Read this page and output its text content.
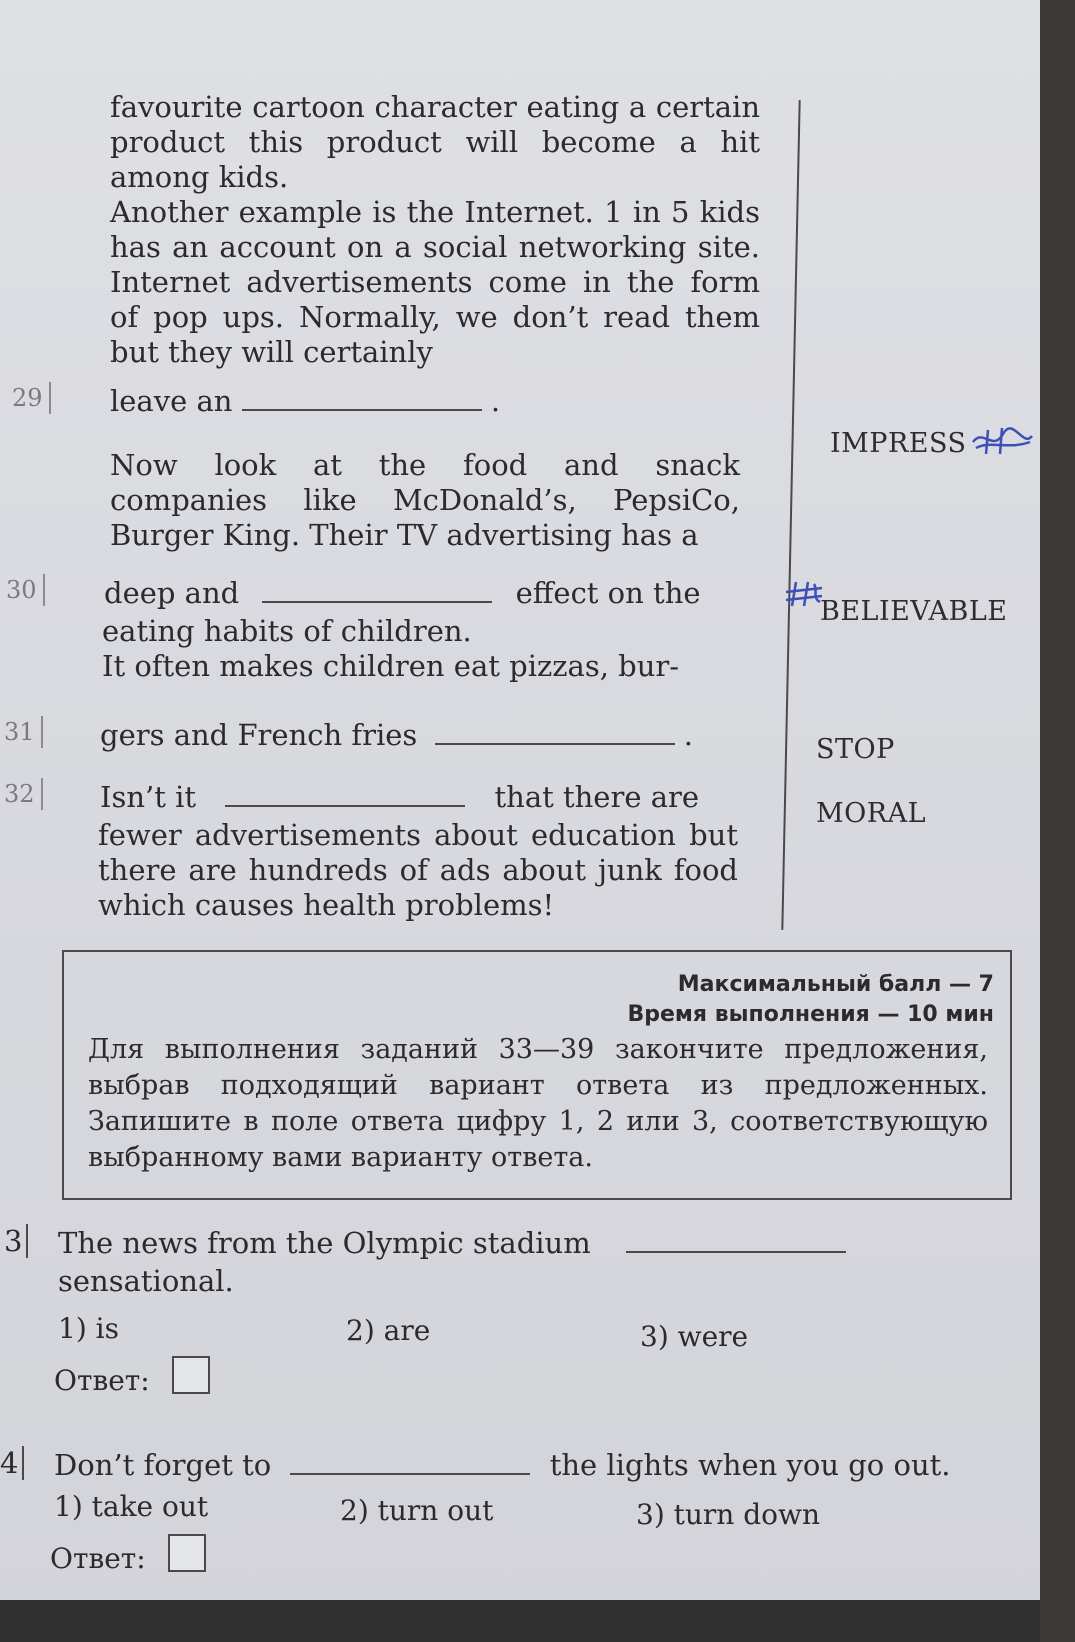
favourite cartoon character eating a certain product this product will become a hit among kids.

Another example is the Internet. 1 in 5 kids has an account on a social networking site. Internet advertisements come in the form of pop ups. Normally, we don’t read them but they will certainly

29 leave an	.
IMPRESS

Now look at the food and snack companies like McDonald’s, PepsiCo, Burger King. Their TV advertising has a

30 deep and	effect on the
BELIEVABLE

eating habits of children.

It often makes children eat pizzas, bur-

31 gers and French fries	.	STOP
32 Isn’t it	that there are	MORAL

fewer advertisements about education but there are hundreds of ads about junk food which causes health problems!

Максимальный балл — 7
Время выполнения — 10 мин
Для выполнения заданий 33—39 закончите предложения, выбрав подходящий вариант ответа из предложенных. Запишите в поле ответа цифру 1, 2 или 3, соответствующую выбранному вами варианту ответа.
3 The news from the Olympic stadium
sensational.
1) is	2) are	3) were
Ответ:
4 Don’t forget to	the lights when you go out.
1) take out	2) turn out	3) turn down
Ответ:
